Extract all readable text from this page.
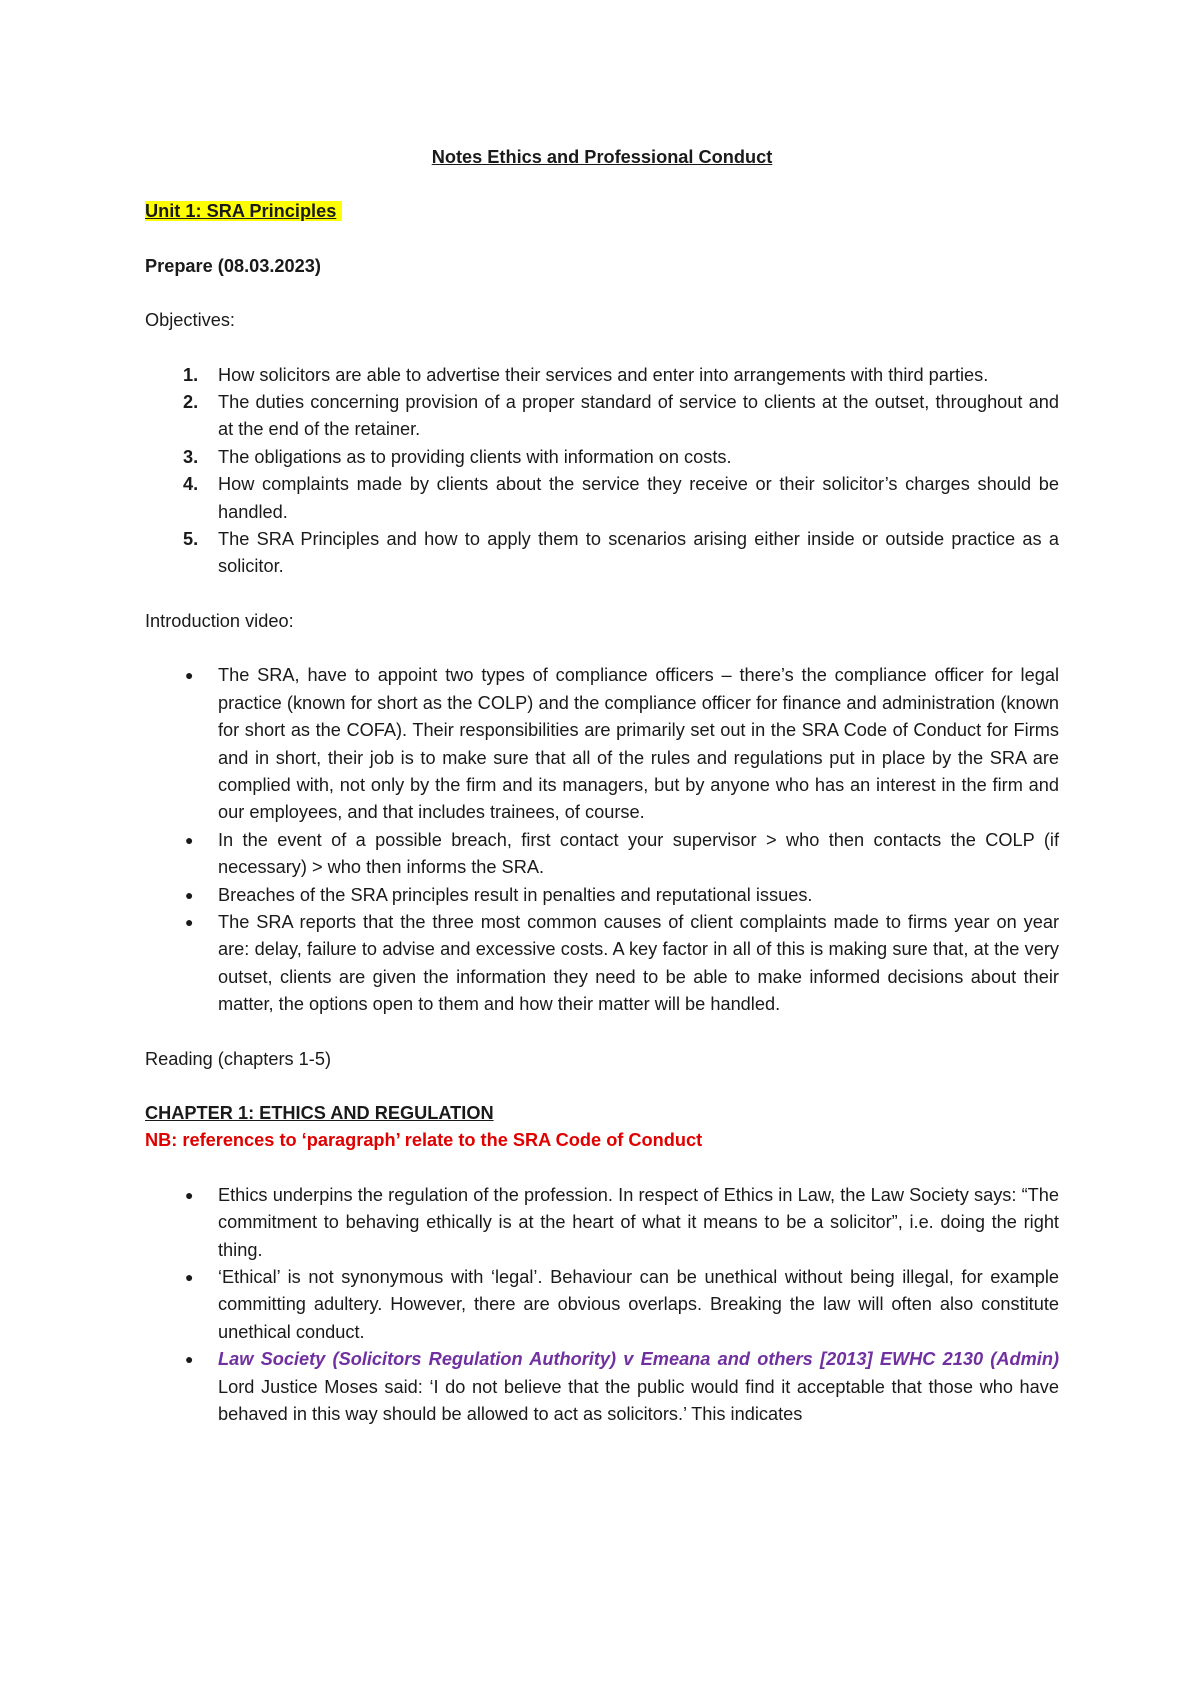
Notes Ethics and Professional Conduct
Unit 1: SRA Principles

Prepare (08.03.2023)

Objectives:

1. How solicitors are able to advertise their services and enter into arrangements with third parties.
2. The duties concerning provision of a proper standard of service to clients at the outset, throughout and at the end of the retainer.
3. The obligations as to providing clients with information on costs.
4. How complaints made by clients about the service they receive or their solicitor’s charges should be handled.
5. The SRA Principles and how to apply them to scenarios arising either inside or outside practice as a solicitor.

Introduction video:

● The SRA, have to appoint two types of compliance officers – there’s the compliance officer for legal practice (known for short as the COLP) and the compliance officer for finance and administration (known for short as the COFA). Their responsibilities are primarily set out in the SRA Code of Conduct for Firms and in short, their job is to make sure that all of the rules and regulations put in place by the SRA are complied with, not only by the firm and its managers, but by anyone who has an interest in the firm and our employees, and that includes trainees, of course.
● In the event of a possible breach, first contact your supervisor > who then contacts the COLP (if necessary) > who then informs the SRA.
● Breaches of the SRA principles result in penalties and reputational issues.
● The SRA reports that the three most common causes of client complaints made to firms year on year are: delay, failure to advise and excessive costs. A key factor in all of this is making sure that, at the very outset, clients are given the information they need to be able to make informed decisions about their matter, the options open to them and how their matter will be handled.

Reading (chapters 1-5)

CHAPTER 1: ETHICS AND REGULATION
NB: references to ‘paragraph’ relate to the SRA Code of Conduct
● Ethics underpins the regulation of the profession. In respect of Ethics in Law, the Law Society says: “The commitment to behaving ethically is at the heart of what it means to be a solicitor”, i.e. doing the right thing.
● ‘Ethical’ is not synonymous with ‘legal’. Behaviour can be unethical without being illegal, for example committing adultery. However, there are obvious overlaps. Breaking the law will often also constitute unethical conduct.
● Law Society (Solicitors Regulation Authority) v Emeana and others [2013] EWHC 2130 (Admin) Lord Justice Moses said: ‘I do not believe that the public would find it acceptable that those who have behaved in this way should be allowed to act as solicitors.’ This indicates
